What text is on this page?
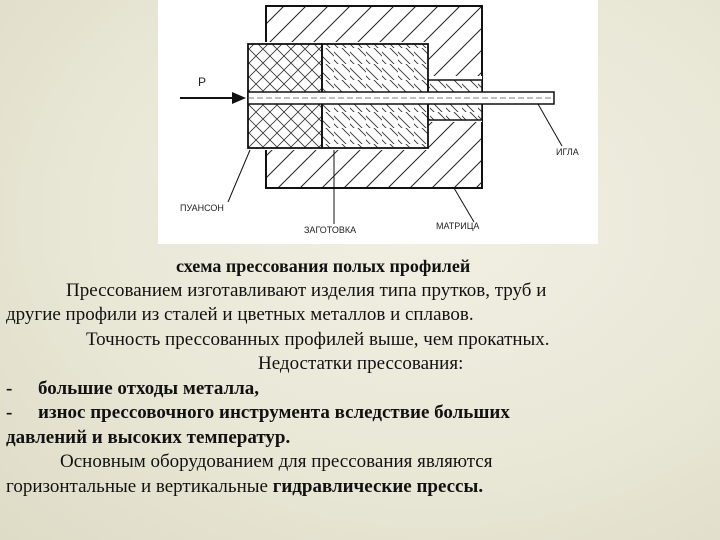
P
ИГЛА
ПУАНСОН
ЗАГОТОВКА	МАТРИЦА
схема прессования полых профилей
Прессованием изготавливают изделия типа прутков, труб и
другие профили из сталей и цветных металлов и сплавов.
Точность прессованных профилей выше, чем прокатных.
Недостатки прессования:
- большие отходы металла,
- износ прессовочного инструмента вследствие больших
давлений и высоких температур.
Основным оборудованием для прессования являются
горизонтальные и вертикальные гидравлические прессы.
